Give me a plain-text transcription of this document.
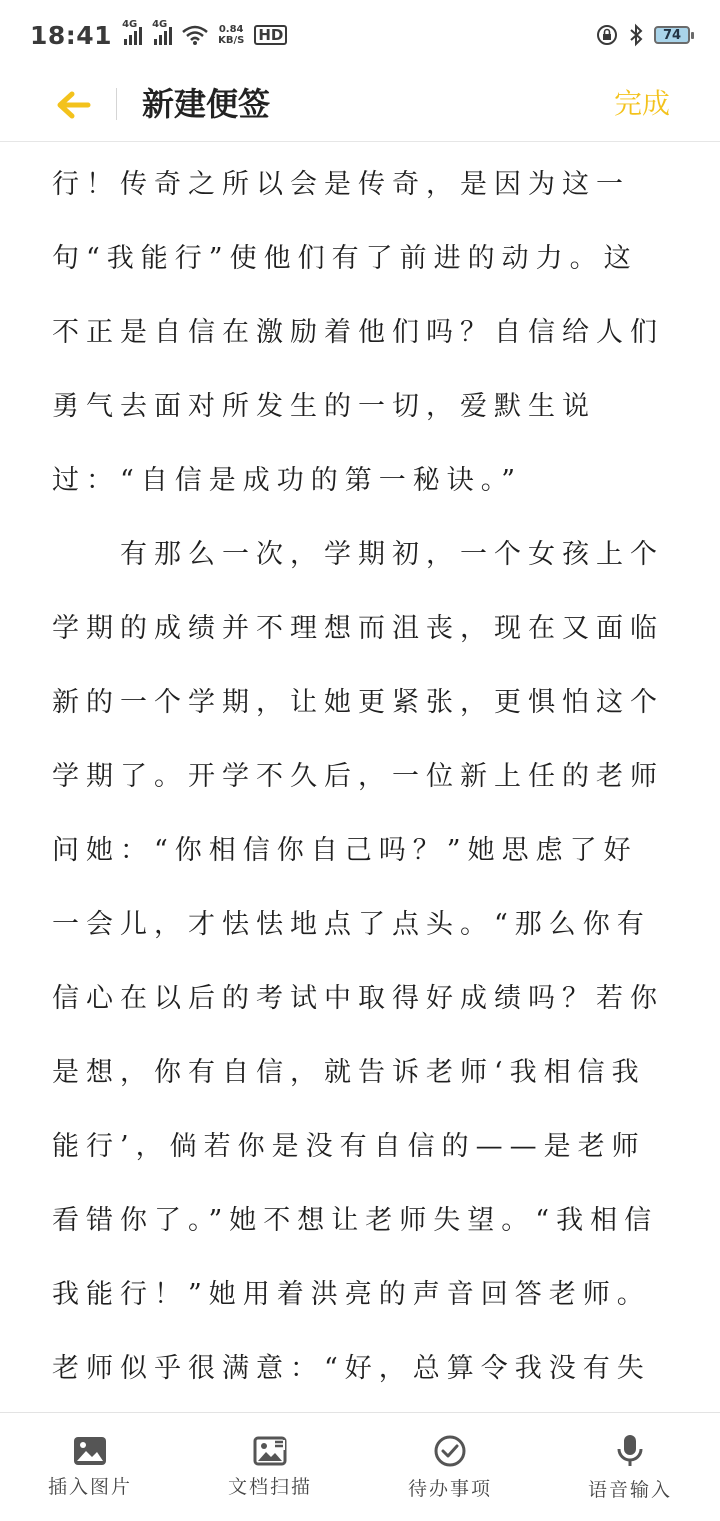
18:41 4G 4G	0.84
KB/S HD	74
新建便签	完成

行！传奇之所以会是传奇，是因为这一句“我能行”使他们有了前进的动力。这不正是自信在激励着他们吗？自信给人们勇气去面对所发生的一切，爱默生说过：“自信是成功的第一秘诀。”

　　有那么一次，学期初，一个女孩上个学期的成绩并不理想而沮丧，现在又面临新的一个学期，让她更紧张，更惧怕这个学期了。开学不久后，一位新上任的老师问她：“你相信你自己吗？”她思虑了好一会儿，才怯怯地点了点头。“那么你有信心在以后的考试中取得好成绩吗？若你是想，你有自信，就告诉老师‘我相信我能行’，倘若你是没有自信的——是老师看错你了。”她不想让老师失望。“我相信我能行！”她用着洪亮的声音回答老师。老师似乎很满意：“好，总算令我没有失

插入图片	文档扫描	待办事项	语音输入
